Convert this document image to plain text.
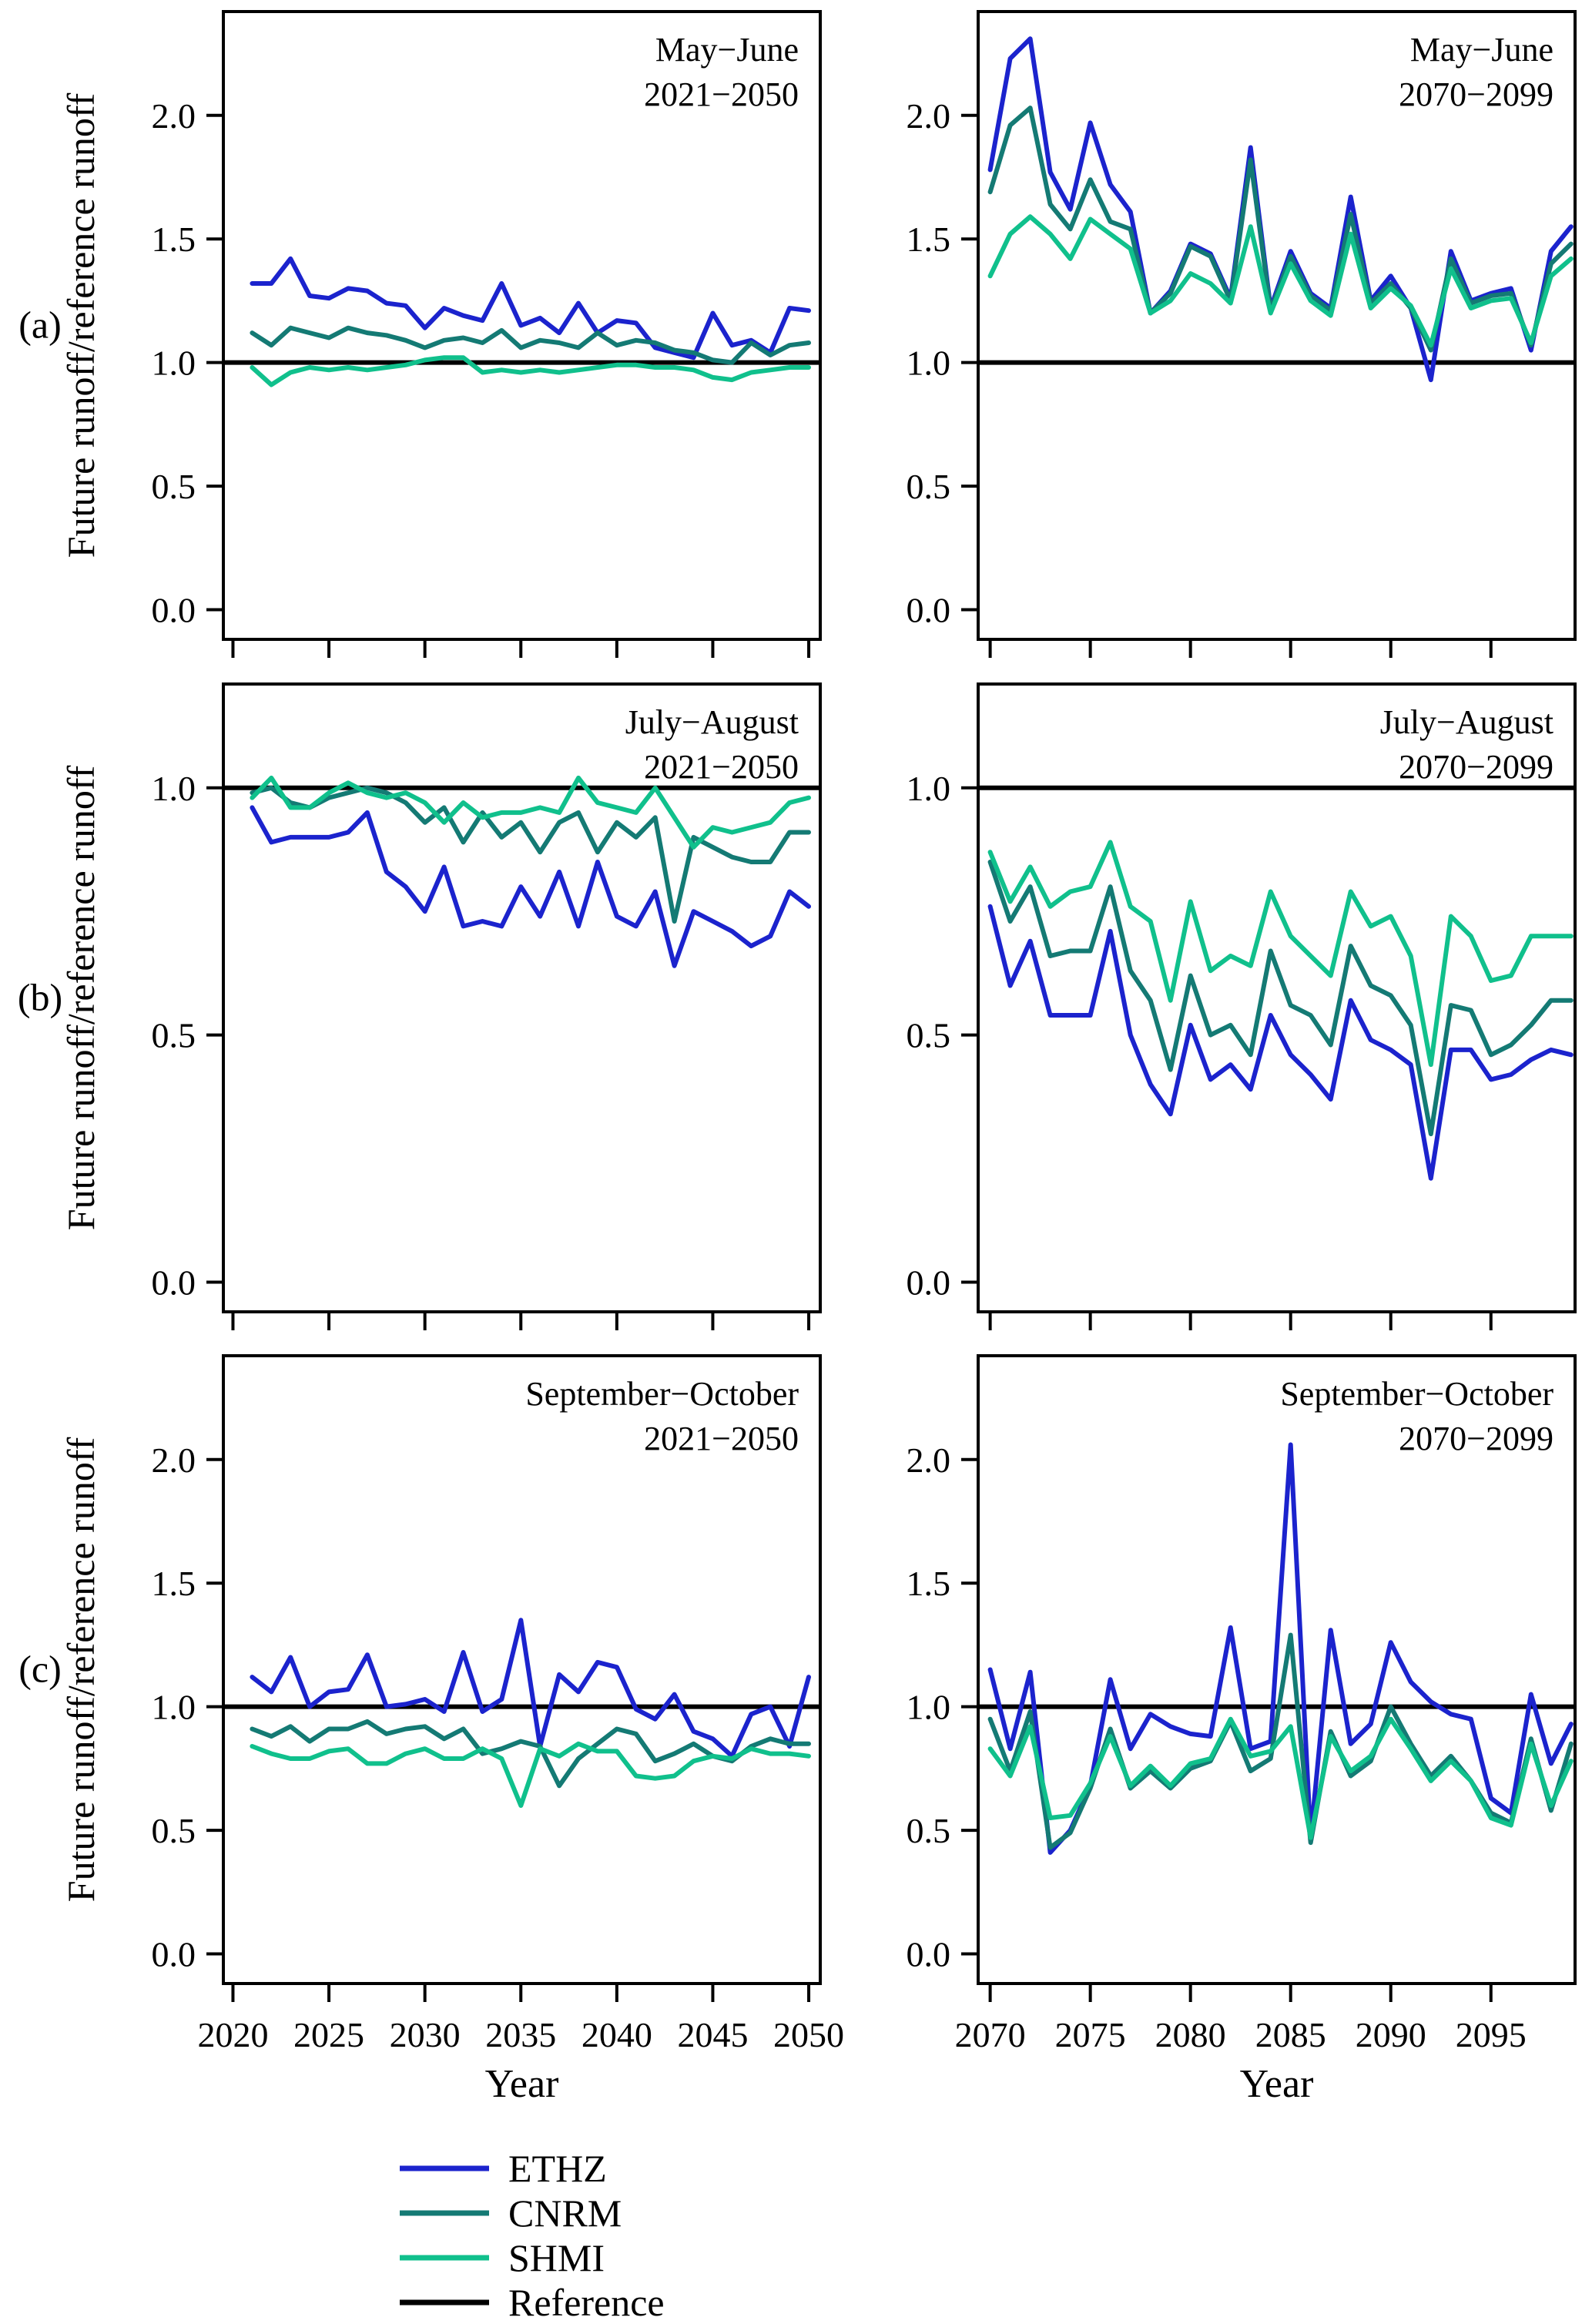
0.0
0.5
1.0
1.5
2.0
May−June
2021−2050
0.0
0.5
1.0
1.5
2.0
May−June
2070−2099
0.0
0.5
1.0
July−August
2021−2050
0.0
0.5
1.0
July−August
2070−2099
0.0
0.5
1.0
1.5
2.0
2020 2025 2030 2035 2040 2045 2050
September−October
2021−2050
0.0
0.5
1.0
1.5
2.0
2070 2075 2080 2085 2090 2095
September−October
2070−2099
(a)
Future runoff/reference runoff
(b)
Future runoff/reference runoff
(c)
Future runoff/reference runoff
Year	Year
ETHZ
CNRM
SHMI
Reference
